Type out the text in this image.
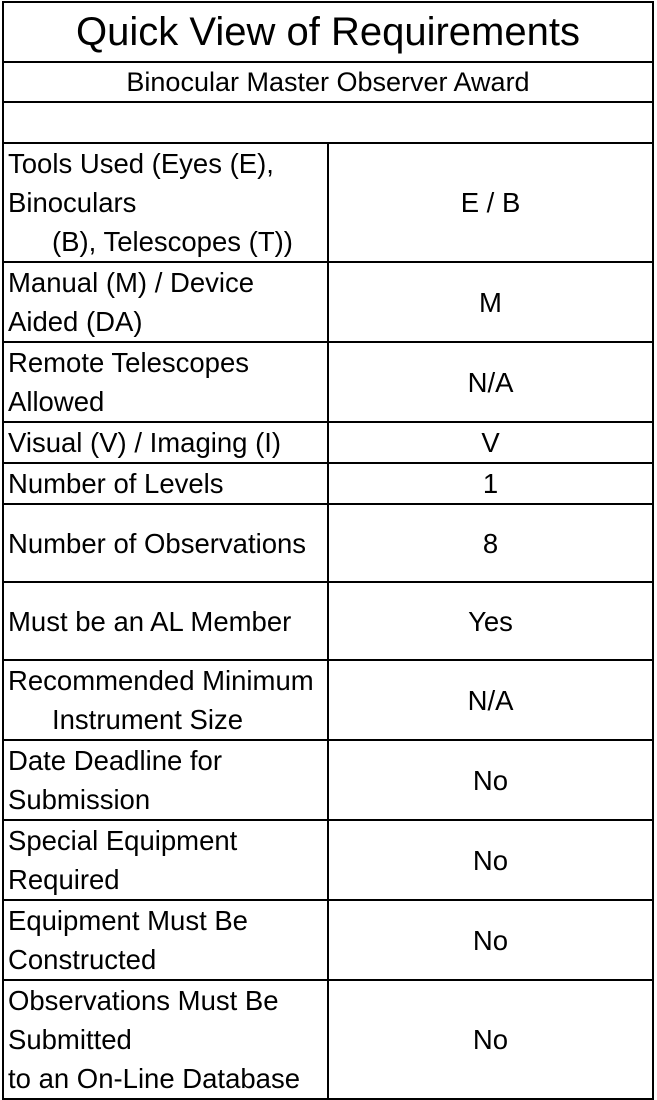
Quick View of Requirements	
Binocular Master Observer Award	

Tools Used (Eyes (E), Binoculars
(B), Telescopes (T))	E / B
Manual (M) / Device Aided (DA)	M
Remote Telescopes Allowed	N/A
Visual (V) / Imaging (I)	V
Number of Levels	1
Number of Observations	8
Must be an AL Member	Yes

Recommended Minimum
Instrument Size	N/A
Date Deadline for Submission	No
Special Equipment Required	No
Equipment Must Be Constructed	No

Observations Must Be Submitted
to an On-Line Database	No
